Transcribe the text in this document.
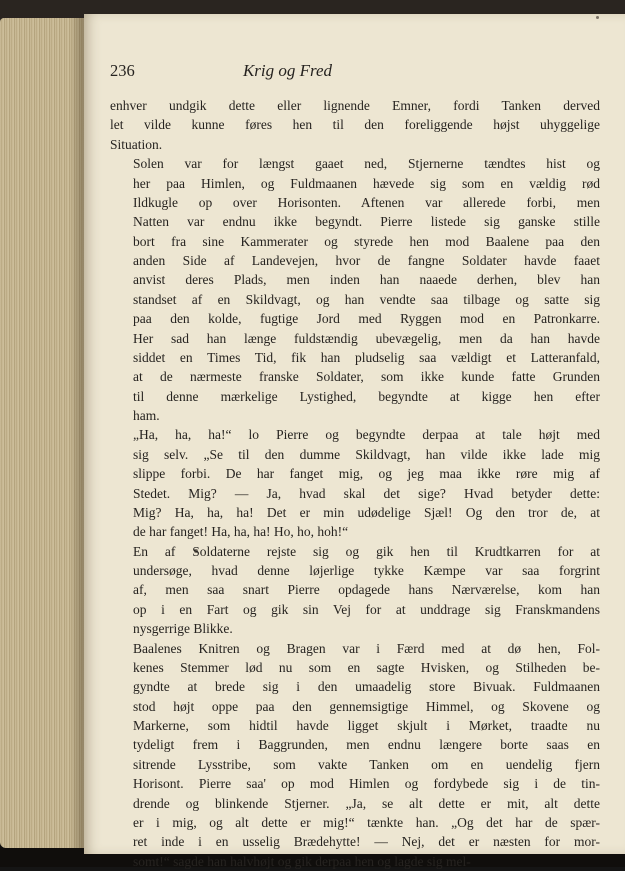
236	Krig og Fred

enhver undgik dette eller lignende Emner, fordi Tanken derved
let vilde kunne føres hen til den foreliggende højst uhyggelige
Situation.

Solen var for længst gaaet ned, Stjernerne tændtes hist og
her paa Himlen, og Fuldmaanen hævede sig som en vældig rød
Ildkugle op over Horisonten. Aftenen var allerede forbi, men
Natten var endnu ikke begyndt. Pierre listede sig ganske stille
bort fra sine Kammerater og styrede hen mod Baalene paa den
anden Side af Landevejen, hvor de fangne Soldater havde faaet
anvist deres Plads, men inden han naaede derhen, blev han
standset af en Skildvagt, og han vendte saa tilbage og satte sig
paa den kolde, fugtige Jord med Ryggen mod en Patronkarre.
Her sad han længe fuldstændig ubevægelig, men da han havde
siddet en Times Tid, fik han pludselig saa vældigt et Latteranfald,
at de nærmeste franske Soldater, som ikke kunde fatte Grunden
til denne mærkelige Lystighed, begyndte at kigge hen efter
ham.

„Ha, ha, ha!“ lo Pierre og begyndte derpaa at tale højt med
sig selv. „Se til den dumme Skildvagt, han vilde ikke lade mig
slippe forbi. De har fanget mig, og jeg maa ikke røre mig af
Stedet. Mig? — Ja, hvad skal det sige? Hvad betyder dette:
Mig? Ha, ha, ha! Det er min udødelige Sjæl! Og den tror de, at
de har fanget! Ha, ha, ha! Ho, ho, hoh!“

En af Soldaterne rejste sig og gik hen til Krudtkarren for at
undersøge, hvad denne løjerlige tykke Kæmpe var saa forgrint
af, men saa snart Pierre opdagede hans Nærværelse, kom han
op i en Fart og gik sin Vej for at unddrage sig Franskmandens
nysgerrige Blikke.

Baalenes Knitren og Bragen var i Færd med at dø hen, Fol-
kenes Stemmer lød nu som en sagte Hvisken, og Stilheden be-
gyndte at brede sig i den umaadelig store Bivuak. Fuldmaanen
stod højt oppe paa den gennemsigtige Himmel, og Skovene og
Markerne, som hidtil havde ligget skjult i Mørket, traadte nu
tydeligt frem i Baggrunden, men endnu længere borte saas en
sitrende Lysstribe, som vakte Tanken om en uendelig fjern
Horisont. Pierre saa' op mod Himlen og fordybede sig i de tin-
drende og blinkende Stjerner. „Ja, se alt dette er mit, alt dette
er i mig, og alt dette er mig!“ tænkte han. „Og det har de spær-
ret inde i en usselig Brædehytte! — Nej, det er næsten for mor-
somt!“ sagde han halvhøjt og gik derpaa hen og lagde sig mel-
